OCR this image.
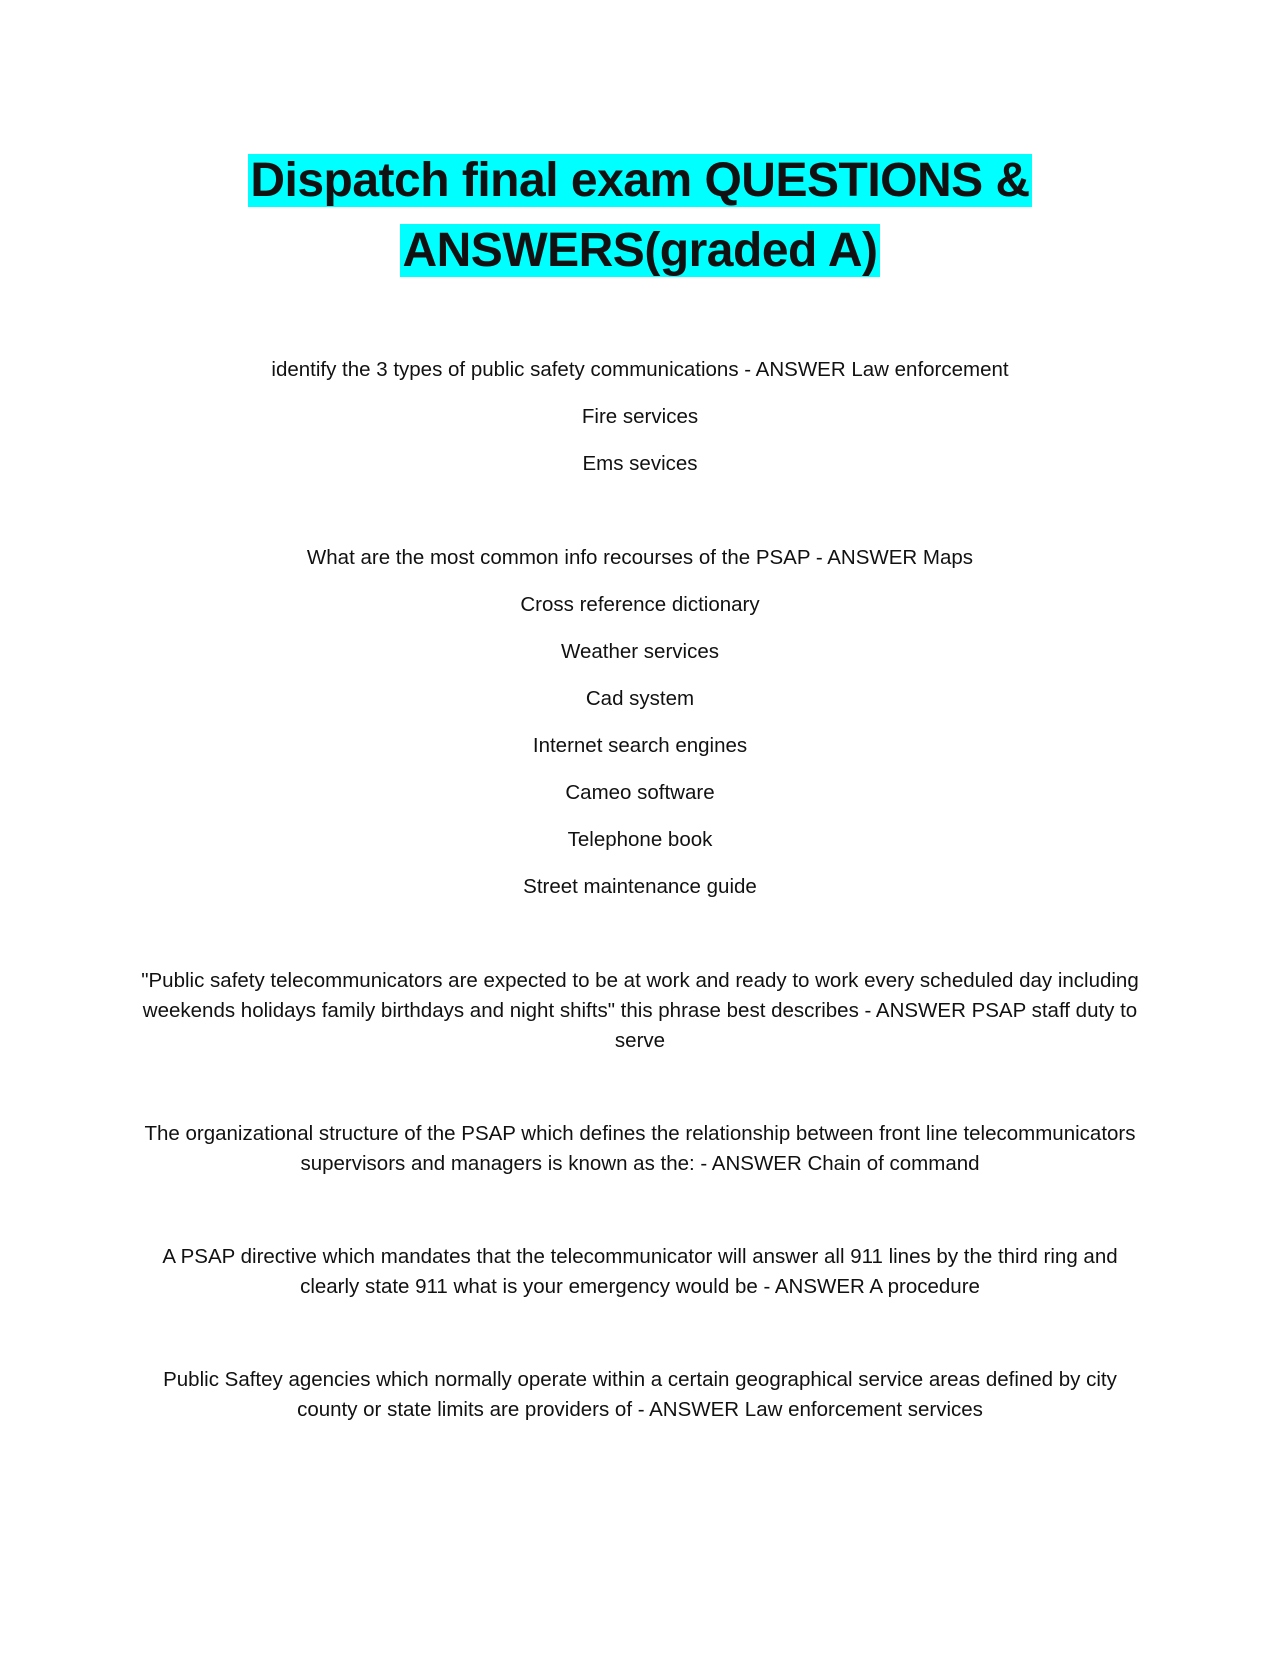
Dispatch final exam QUESTIONS &
ANSWERS(graded A)
identify the 3 types of public safety communications - ANSWER Law enforcement
Fire services
Ems sevices
What are the most common info recourses of the PSAP - ANSWER Maps
Cross reference dictionary
Weather services
Cad system
Internet search engines
Cameo software
Telephone book
Street maintenance guide
"Public safety telecommunicators are expected to be at work and ready to work every scheduled day including weekends holidays family birthdays and night shifts" this phrase best describes - ANSWER PSAP staff duty to serve
The organizational structure of the PSAP which defines the relationship between front line telecommunicators supervisors and managers is known as the: - ANSWER Chain of command
A PSAP directive which mandates that the telecommunicator will answer all 911 lines by the third ring and clearly state 911 what is your emergency would be - ANSWER A procedure
Public Saftey agencies which normally operate within a certain geographical service areas defined by city county or state limits are providers of - ANSWER Law enforcement services
